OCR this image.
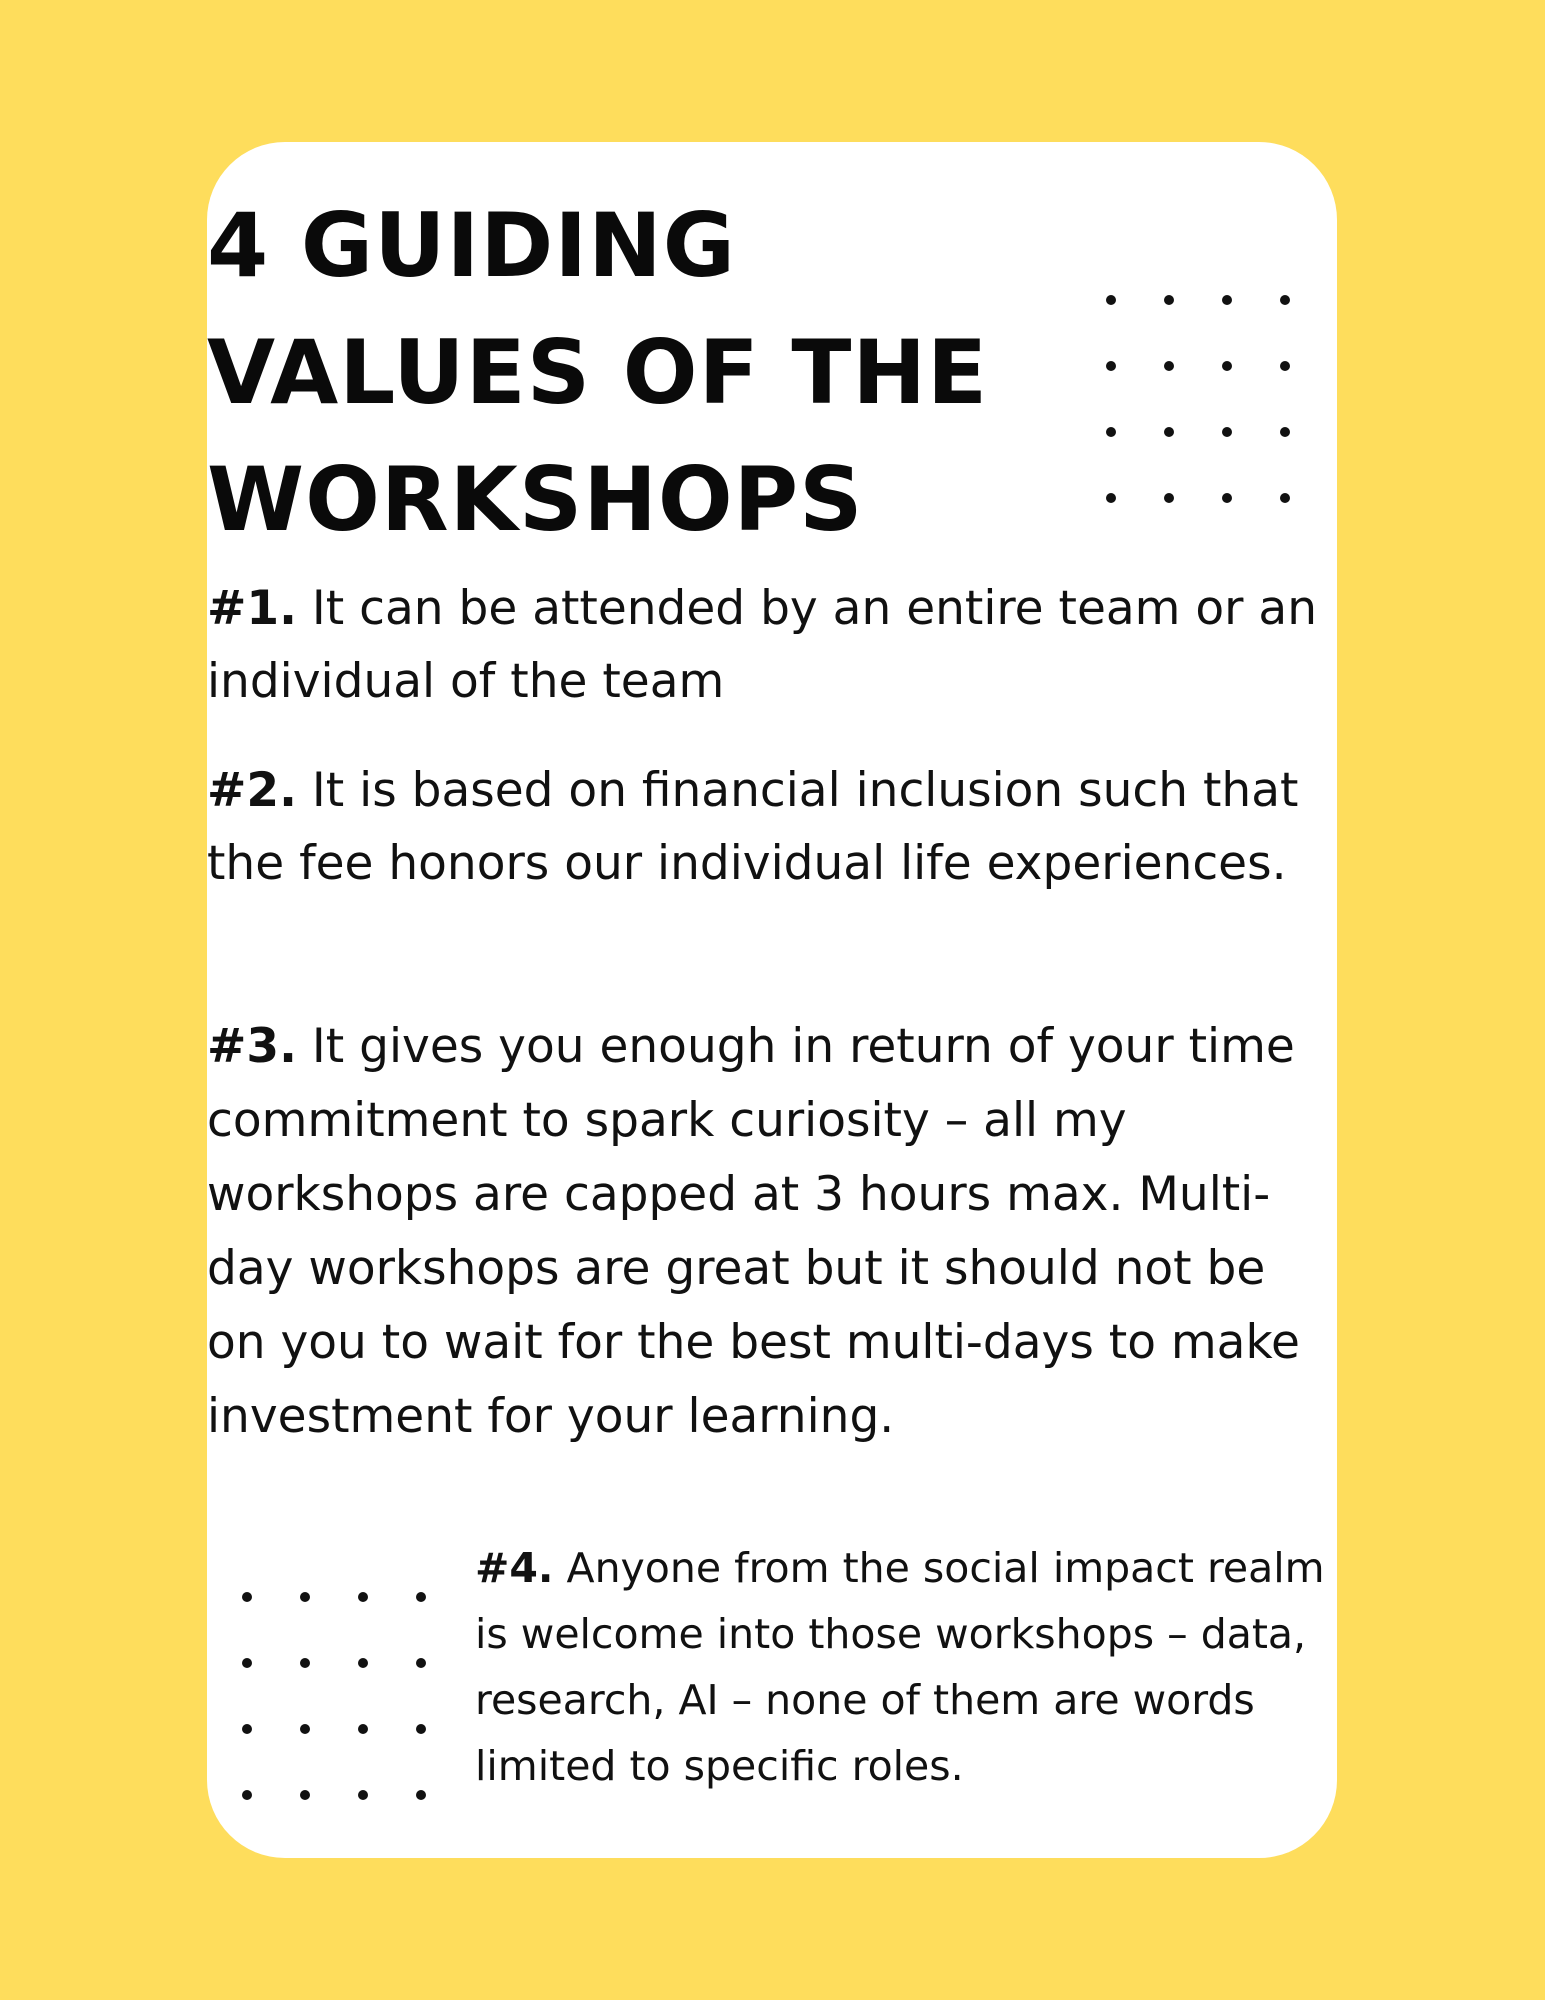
4 GUIDING
VALUES OF THE
WORKSHOPS

#1. It can be attended by an entire team or an individual of the team

#2. It is based on financial inclusion such that the fee honors our individual life experiences.

#3. It gives you enough in return of your time commitment to spark curiosity – all my workshops are capped at 3 hours max. Multi-day workshops are great but it should not be on you to wait for the best multi-days to make investment for your learning.

#4. Anyone from the social impact realm is welcome into those workshops – data, research, AI – none of them are words limited to specific roles.
